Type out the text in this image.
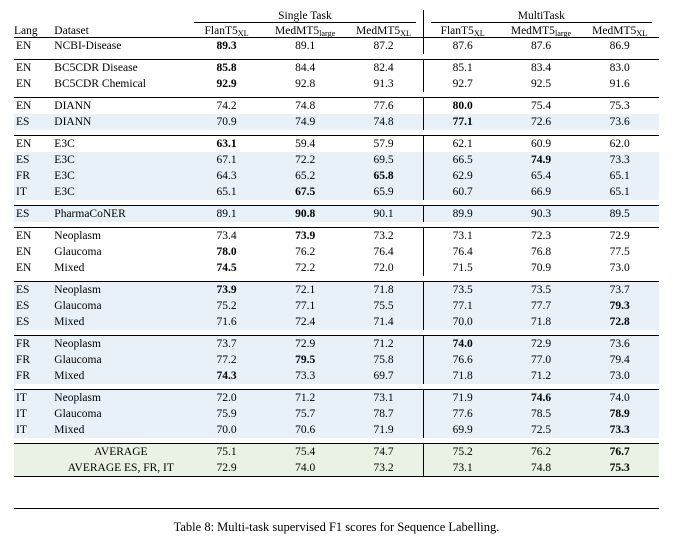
		Single Task			MultiTask		

Lang	Dataset	FlanT5XL	MedMT5large	MedMT5XL	FlanT5XL	MedMT5large	MedMT5XL
EN	NCBI-Disease	89.3	89.1	87.2	87.6	87.6	86.9

EN	BC5CDR Disease	85.8	84.4	82.4	85.1	83.4	83.0
EN	BC5CDR Chemical	92.9	92.8	91.3	92.7	92.5	91.6

EN	DIANN	74.2	74.8	77.6	80.0	75.4	75.3
ES	DIANN	70.9	74.9	74.8	77.1	72.6	73.6

EN	E3C	63.1	59.4	57.9	62.1	60.9	62.0
ES	E3C	67.1	72.2	69.5	66.5	74.9	73.3
FR	E3C	64.3	65.2	65.8	62.9	65.4	65.1
IT	E3C	65.1	67.5	65.9	60.7	66.9	65.1

ES	PharmaCoNER	89.1	90.8	90.1	89.9	90.3	89.5

EN	Neoplasm	73.4	73.9	73.2	73.1	72.3	72.9
EN	Glaucoma	78.0	76.2	76.4	76.4	76.8	77.5
EN	Mixed	74.5	72.2	72.0	71.5	70.9	73.0

ES	Neoplasm	73.9	72.1	71.8	73.5	73.5	73.7
ES	Glaucoma	75.2	77.1	75.5	77.1	77.7	79.3
ES	Mixed	71.6	72.4	71.4	70.0	71.8	72.8

FR	Neoplasm	73.7	72.9	71.2	74.0	72.9	73.6
FR	Glaucoma	77.2	79.5	75.8	76.6	77.0	79.4
FR	Mixed	74.3	73.3	69.7	71.8	71.2	73.0

IT	Neoplasm	72.0	71.2	73.1	71.9	74.6	74.0
IT	Glaucoma	75.9	75.7	78.7	77.6	78.5	78.9
IT	Mixed	70.0	70.6	71.9	69.9	72.5	73.3

	AVERAGE	75.1	75.4	74.7	75.2	76.2	76.7
	AVERAGE ES, FR, IT	72.9	74.0	73.2	73.1	74.8	75.3

Table 8: Multi-task supervised F1 scores for Sequence Labelling.
